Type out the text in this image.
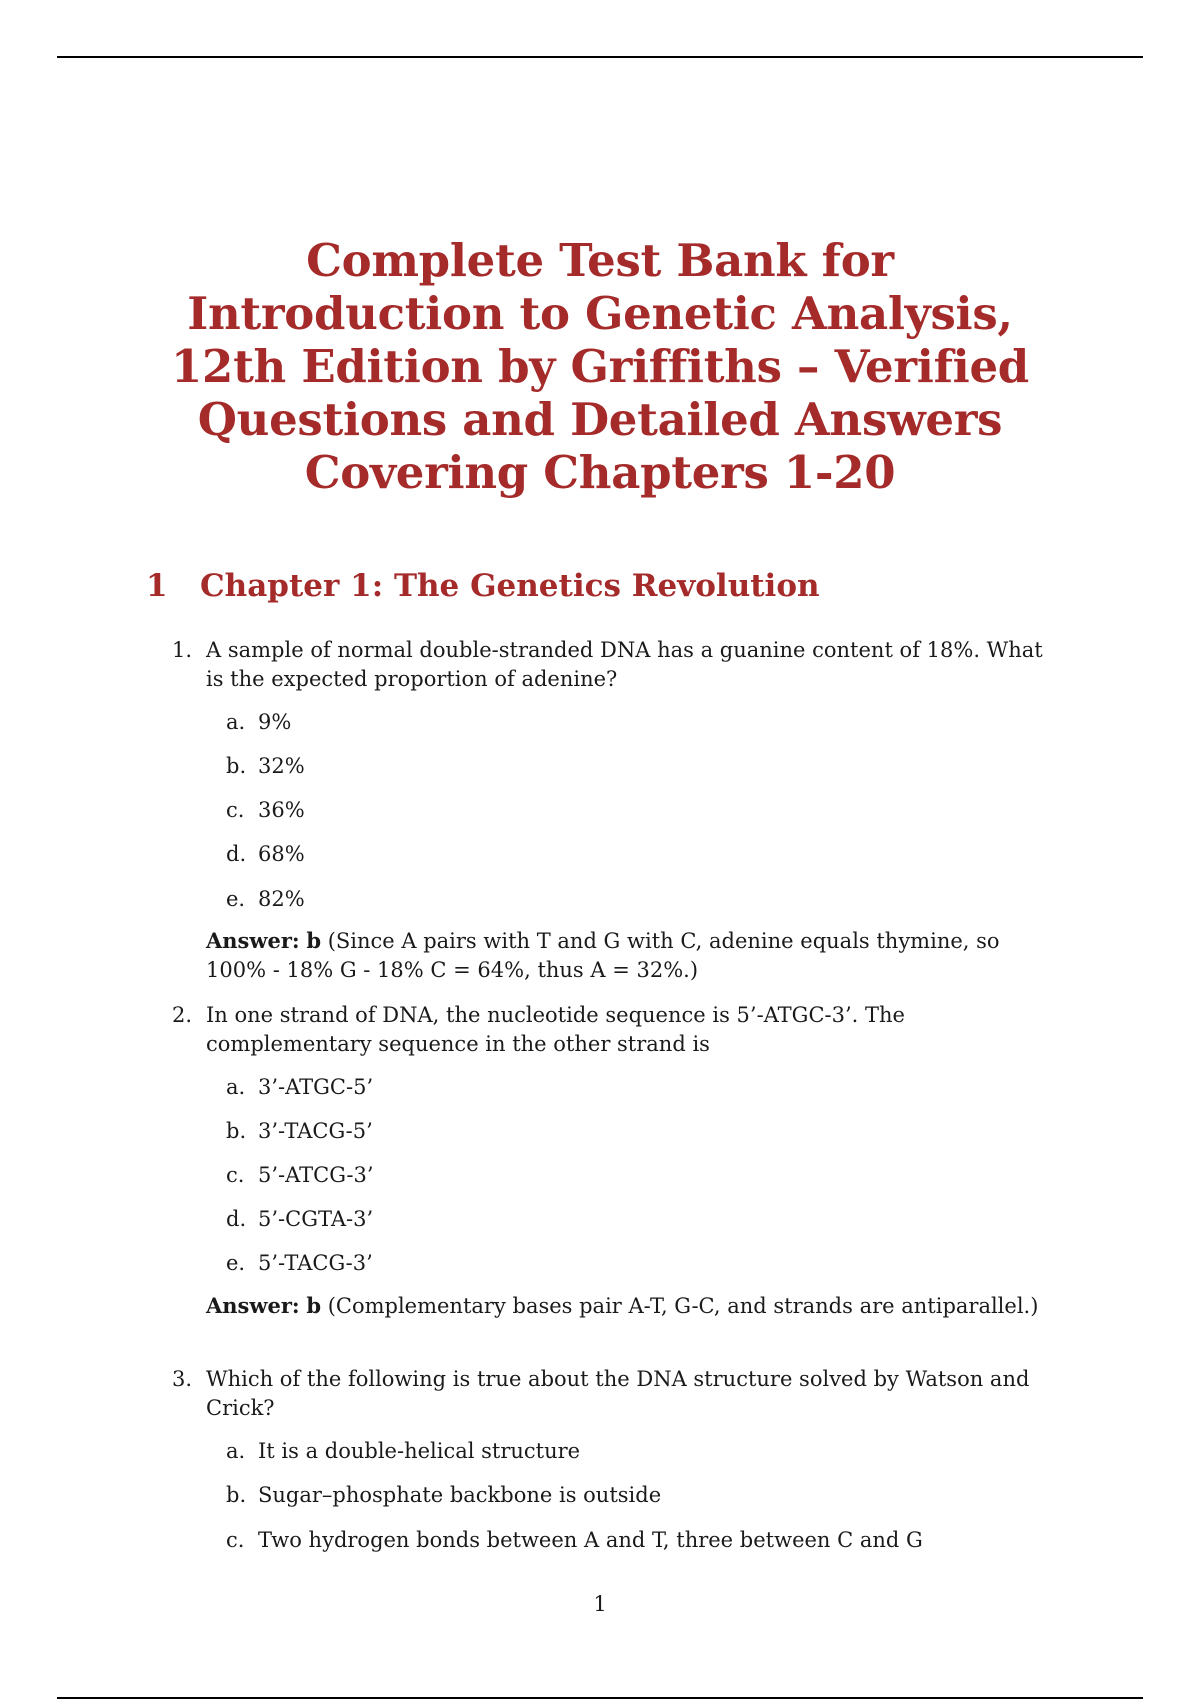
Complete Test Bank for Introduction to Genetic Analysis, 12th Edition by Griffiths – Verified Questions and Detailed Answers Covering Chapters 1-20
1 Chapter 1: The Genetics Revolution
1. A sample of normal double-stranded DNA has a guanine content of 18%. What is the expected proportion of adenine?
a. 9%
b. 32%
c. 36%
d. 68%
e. 82%
Answer: b (Since A pairs with T and G with C, adenine equals thymine, so 100% - 18% G - 18% C = 64%, thus A = 32%.)
2. In one strand of DNA, the nucleotide sequence is 5’-ATGC-3’. The complementary sequence in the other strand is
a. 3’-ATGC-5’
b. 3’-TACG-5’
c. 5’-ATCG-3’
d. 5’-CGTA-3’
e. 5’-TACG-3’
Answer: b (Complementary bases pair A-T, G-C, and strands are antiparallel.)
3. Which of the following is true about the DNA structure solved by Watson and Crick?
a. It is a double-helical structure
b. Sugar–phosphate backbone is outside
c. Two hydrogen bonds between A and T, three between C and G
1
